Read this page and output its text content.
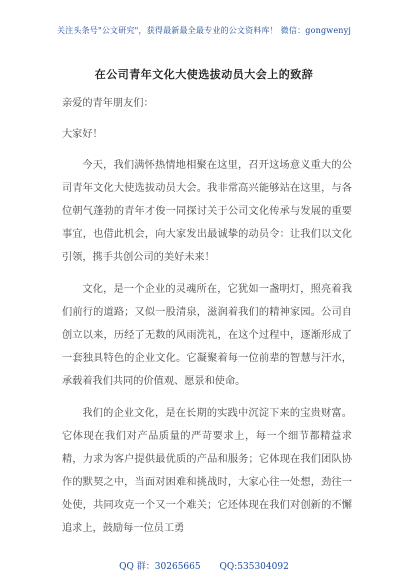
关注头条号"公文研究"，获得最新最全最专业的公文资料库！ 微信：gongwenyj
在公司青年文化大使选拔动员大会上的致辞

亲爱的青年朋友们：

大家好！

今天，我们满怀热情地相聚在这里，召开这场意义重大的公司青年文化大使选拔动员大会。我非常高兴能够站在这里，与各位朝气蓬勃的青年才俊一同探讨关于公司文化传承与发展的重要事宜，也借此机会，向大家发出最诚挚的动员令：让我们以文化引领，携手共创公司的美好未来！

文化，是一个企业的灵魂所在，它犹如一盏明灯，照亮着我们前行的道路；又似一股清泉，滋润着我们的精神家园。公司自创立以来，历经了无数的风雨洗礼，在这个过程中，逐渐形成了一套独具特色的企业文化。它凝聚着每一位前辈的智慧与汗水，承载着我们共同的价值观、愿景和使命。

我们的企业文化，是在长期的实践中沉淀下来的宝贵财富。它体现在我们对产品质量的严苛要求上，每一个细节都精益求精，力求为客户提供最优质的产品和服务；它体现在我们团队协作的默契之中，当面对困难和挑战时，大家心往一处想，劲往一处使，共同攻克一个又一个难关；它还体现在我们对创新的不懈追求上，鼓励每一位员工勇

QQ 群：30265665 QQ:535304092
